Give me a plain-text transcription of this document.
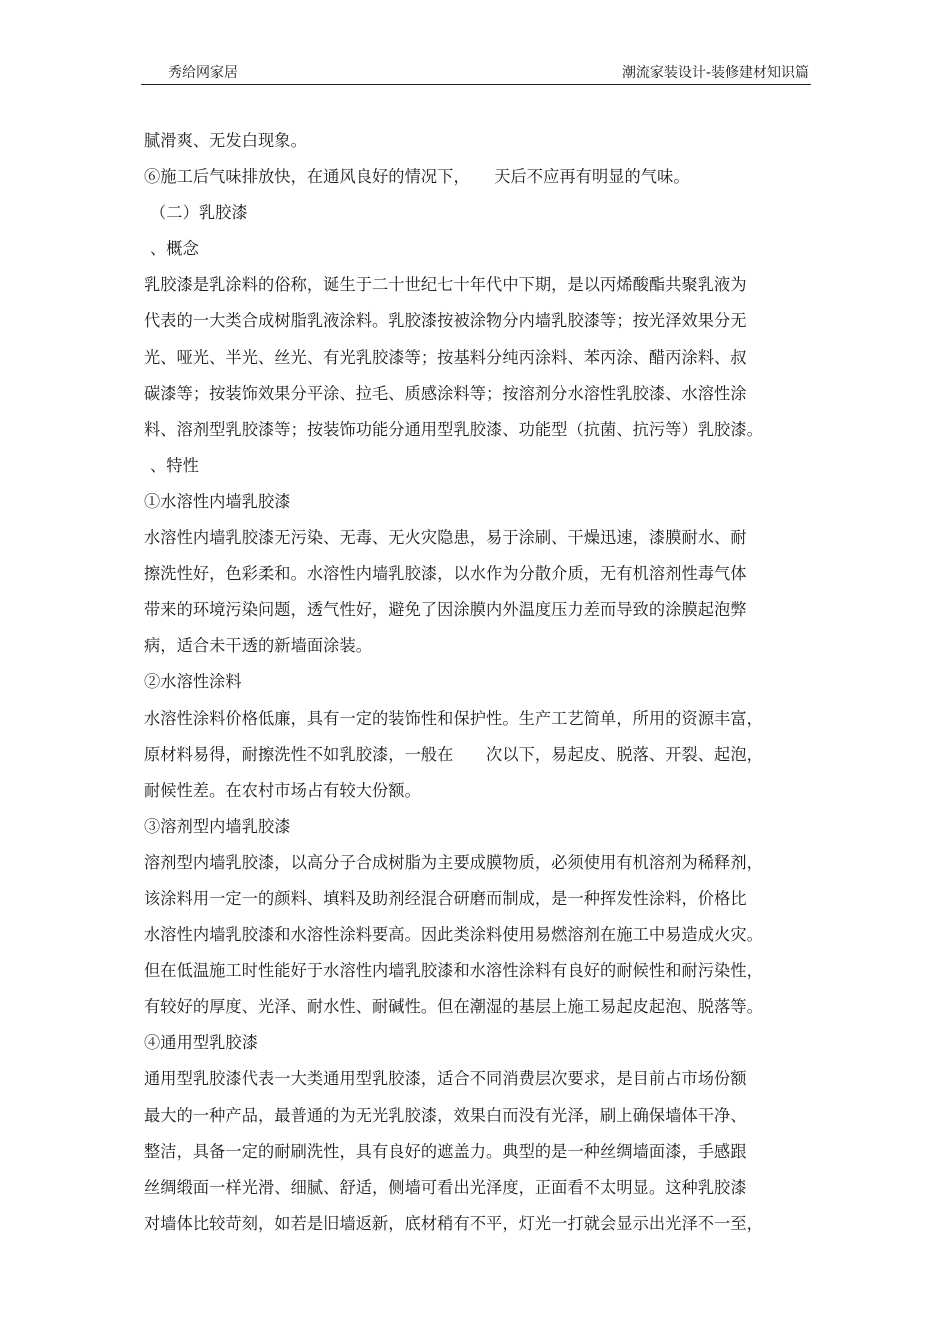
秀给网家居	潮流家装设计-装修建材知识篇
腻滑爽、无发白现象。
⑥施工后气味排放快，在通风良好的情况下，　　天后不应再有明显的气味。
（二）乳胶漆
、概念
乳胶漆是乳涂料的俗称，诞生于二十世纪七十年代中下期，是以丙烯酸酯共聚乳液为
代表的一大类合成树脂乳液涂料。乳胶漆按被涂物分内墙乳胶漆等；按光泽效果分无
光、哑光、半光、丝光、有光乳胶漆等；按基料分纯丙涂料、苯丙涂、醋丙涂料、叔
碳漆等；按装饰效果分平涂、拉毛、质感涂料等；按溶剂分水溶性乳胶漆、水溶性涂
料、溶剂型乳胶漆等；按装饰功能分通用型乳胶漆、功能型（抗菌、抗污等）乳胶漆。
、特性
①水溶性内墙乳胶漆
水溶性内墙乳胶漆无污染、无毒、无火灾隐患，易于涂刷、干燥迅速，漆膜耐水、耐
擦洗性好，色彩柔和。水溶性内墙乳胶漆，以水作为分散介质，无有机溶剂性毒气体
带来的环境污染问题，透气性好，避免了因涂膜内外温度压力差而导致的涂膜起泡弊
病，适合未干透的新墙面涂装。
②水溶性涂料
水溶性涂料价格低廉，具有一定的装饰性和保护性。生产工艺简单，所用的资源丰富，
原材料易得，耐擦洗性不如乳胶漆，一般在　　次以下，易起皮、脱落、开裂、起泡，
耐候性差。在农村市场占有较大份额。
③溶剂型内墙乳胶漆
溶剂型内墙乳胶漆，以高分子合成树脂为主要成膜物质，必须使用有机溶剂为稀释剂，
该涂料用一定一的颜料、填料及助剂经混合研磨而制成，是一种挥发性涂料，价格比
水溶性内墙乳胶漆和水溶性涂料要高。因此类涂料使用易燃溶剂在施工中易造成火灾。
但在低温施工时性能好于水溶性内墙乳胶漆和水溶性涂料有良好的耐候性和耐污染性，
有较好的厚度、光泽、耐水性、耐碱性。但在潮湿的基层上施工易起皮起泡、脱落等。
④通用型乳胶漆
通用型乳胶漆代表一大类通用型乳胶漆，适合不同消费层次要求，是目前占市场份额
最大的一种产品，最普通的为无光乳胶漆，效果白而没有光泽，刷上确保墙体干净、
整洁，具备一定的耐刷洗性，具有良好的遮盖力。典型的是一种丝绸墙面漆，手感跟
丝绸缎面一样光滑、细腻、舒适，侧墙可看出光泽度，正面看不太明显。这种乳胶漆
对墙体比较苛刻，如若是旧墙返新，底材稍有不平，灯光一打就会显示出光泽不一至，
